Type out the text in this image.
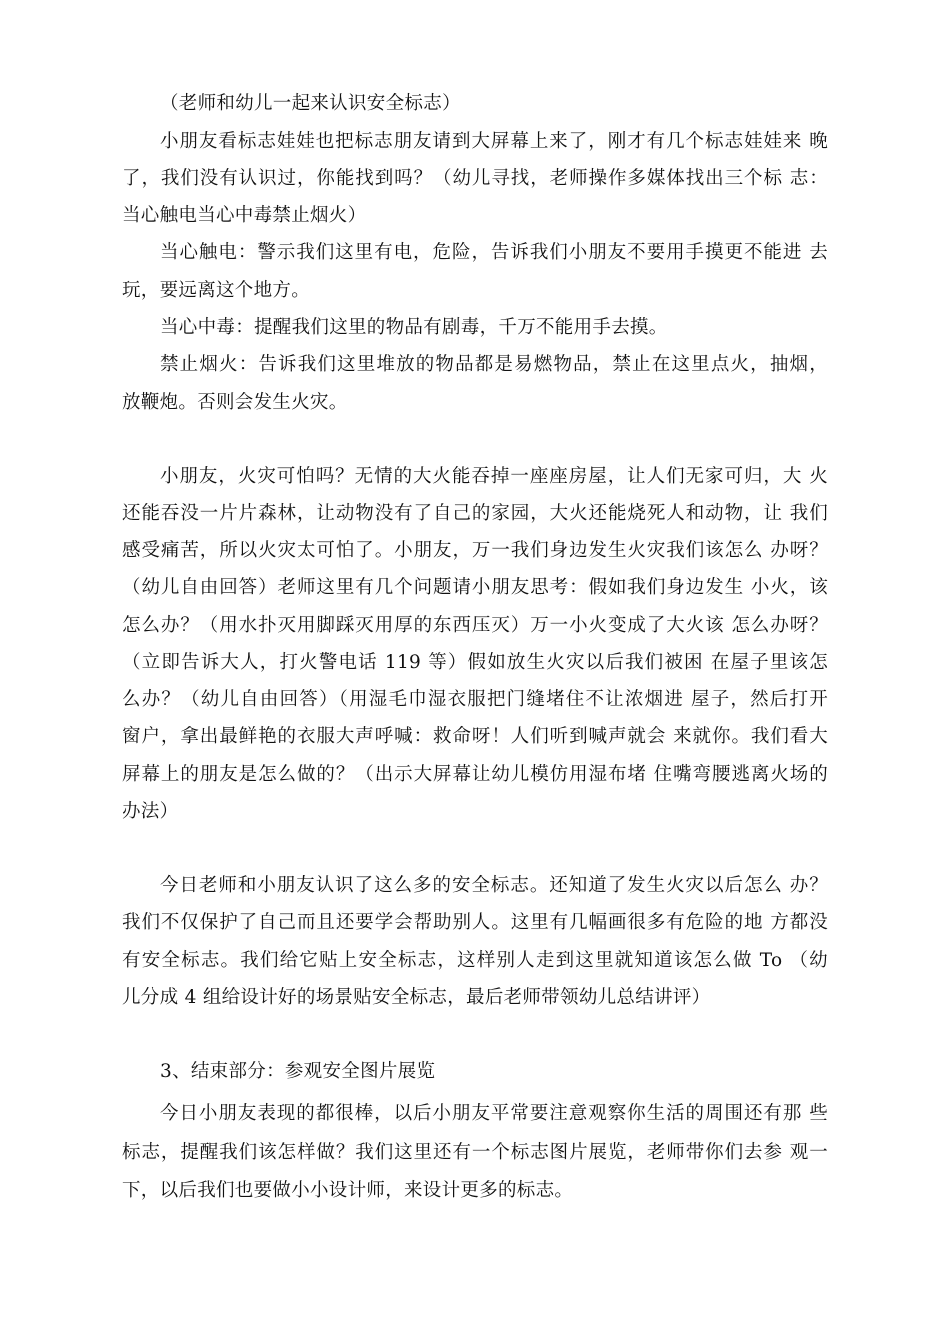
（老师和幼儿一起来认识安全标志）
小朋友看标志娃娃也把标志朋友请到大屏幕上来了，刚才有几个标志娃娃来 晚
了，我们没有认识过，你能找到吗？（幼儿寻找，老师操作多媒体找出三个标 志：
当心触电当心中毒禁止烟火）
当心触电：警示我们这里有电，危险，告诉我们小朋友不要用手摸更不能进 去
玩，要远离这个地方。
当心中毒：提醒我们这里的物品有剧毒，千万不能用手去摸。
禁止烟火：告诉我们这里堆放的物品都是易燃物品，禁止在这里点火，抽烟，
放鞭炮。否则会发生火灾。
小朋友，火灾可怕吗？无情的大火能吞掉一座座房屋，让人们无家可归，大 火
还能吞没一片片森林，让动物没有了自己的家园，大火还能烧死人和动物，让 我们
感受痛苦，所以火灾太可怕了。小朋友，万一我们身边发生火灾我们该怎么 办呀？
（幼儿自由回答）老师这里有几个问题请小朋友思考：假如我们身边发生 小火，该
怎么办？（用水扑灭用脚踩灭用厚的东西压灭）万一小火变成了大火该 怎么办呀？
（立即告诉大人，打火警电话 119 等）假如放生火灾以后我们被困 在屋子里该怎
么办？（幼儿自由回答）（用湿毛巾湿衣服把门缝堵住不让浓烟进 屋子，然后打开
窗户，拿出最鲜艳的衣服大声呼喊：救命呀！人们听到喊声就会 来就你。我们看大
屏幕上的朋友是怎么做的？（出示大屏幕让幼儿模仿用湿布堵 住嘴弯腰逃离火场的
办法）
今日老师和小朋友认识了这么多的安全标志。还知道了发生火灾以后怎么 办？
我们不仅保护了自己而且还要学会帮助别人。这里有几幅画很多有危险的地 方都没
有安全标志。我们给它贴上安全标志，这样别人走到这里就知道该怎么做 To （幼
儿分成 4 组给设计好的场景贴安全标志，最后老师带领幼儿总结讲评）
3、结束部分：参观安全图片展览
今日小朋友表现的都很棒，以后小朋友平常要注意观察你生活的周围还有那 些
标志，提醒我们该怎样做？我们这里还有一个标志图片展览，老师带你们去参 观一
下，以后我们也要做小小设计师，来设计更多的标志。
